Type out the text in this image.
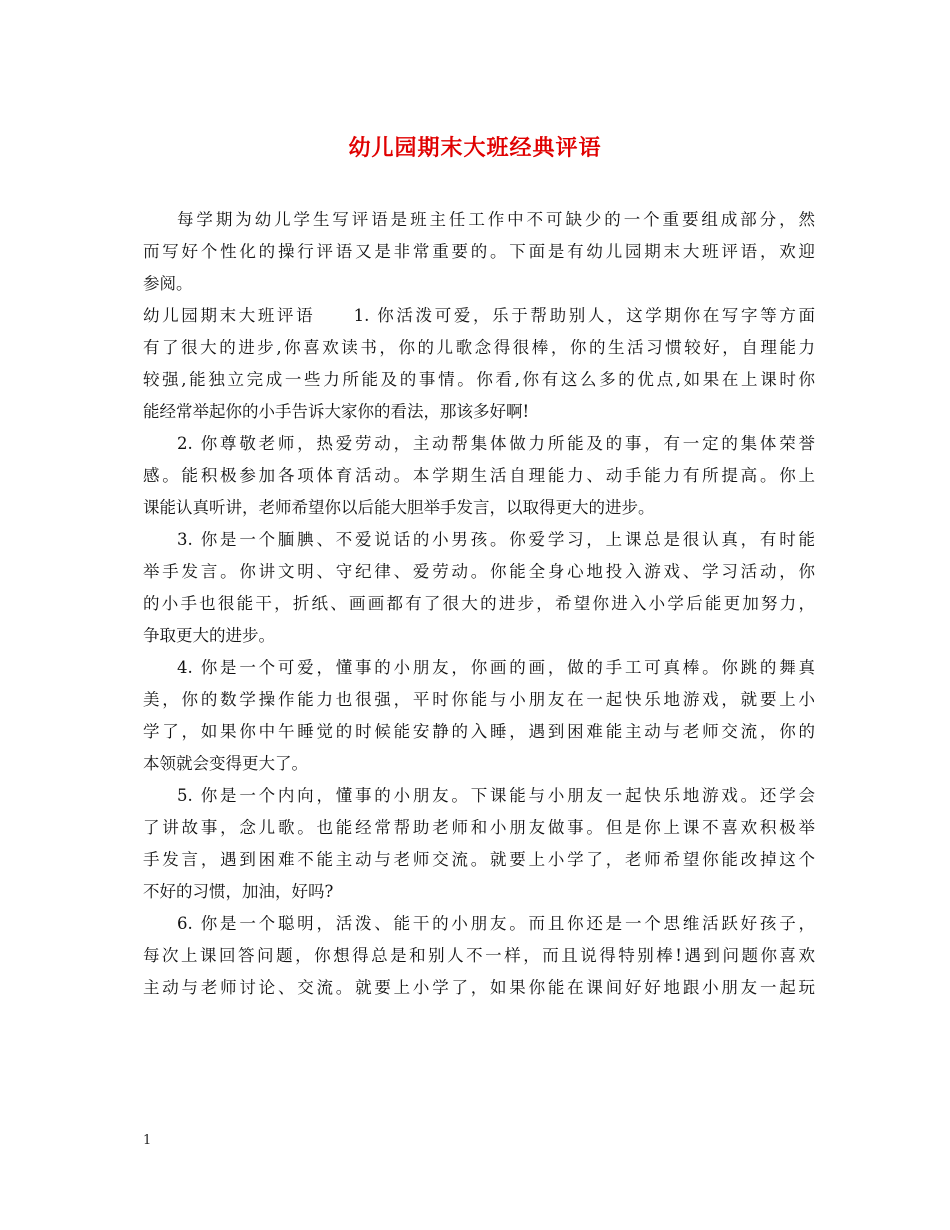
幼儿园期末大班经典评语
每学期为幼儿学生写评语是班主任工作中不可缺少的一个重要组成部分，然
而写好个性化的操行评语又是非常重要的。下面是有幼儿园期末大班评语，欢迎
参阅。
幼儿园期末大班评语　　1. 你活泼可爱，乐于帮助别人，这学期你在写字等方面
有了很大的进步,你喜欢读书，你的儿歌念得很棒，你的生活习惯较好，自理能力
较强,能独立完成一些力所能及的事情。你看,你有这么多的优点,如果在上课时你
能经常举起你的小手告诉大家你的看法，那该多好啊!
2. 你尊敬老师，热爱劳动，主动帮集体做力所能及的事，有一定的集体荣誉
感。能积极参加各项体育活动。本学期生活自理能力、动手能力有所提高。你上
课能认真听讲，老师希望你以后能大胆举手发言，以取得更大的进步。
3. 你是一个腼腆、不爱说话的小男孩。你爱学习，上课总是很认真，有时能
举手发言。你讲文明、守纪律、爱劳动。你能全身心地投入游戏、学习活动，你
的小手也很能干，折纸、画画都有了很大的进步，希望你进入小学后能更加努力，
争取更大的进步。
4. 你是一个可爱，懂事的小朋友，你画的画，做的手工可真棒。你跳的舞真
美，你的数学操作能力也很强，平时你能与小朋友在一起快乐地游戏，就要上小
学了，如果你中午睡觉的时候能安静的入睡，遇到困难能主动与老师交流，你的
本领就会变得更大了。
5. 你是一个内向，懂事的小朋友。下课能与小朋友一起快乐地游戏。还学会
了讲故事，念儿歌。也能经常帮助老师和小朋友做事。但是你上课不喜欢积极举
手发言，遇到困难不能主动与老师交流。就要上小学了，老师希望你能改掉这个
不好的习惯，加油，好吗?
6. 你是一个聪明，活泼、能干的小朋友。而且你还是一个思维活跃好孩子，
每次上课回答问题，你想得总是和别人不一样，而且说得特别棒!遇到问题你喜欢
主动与老师讨论、交流。就要上小学了，如果你能在课间好好地跟小朋友一起玩
1
